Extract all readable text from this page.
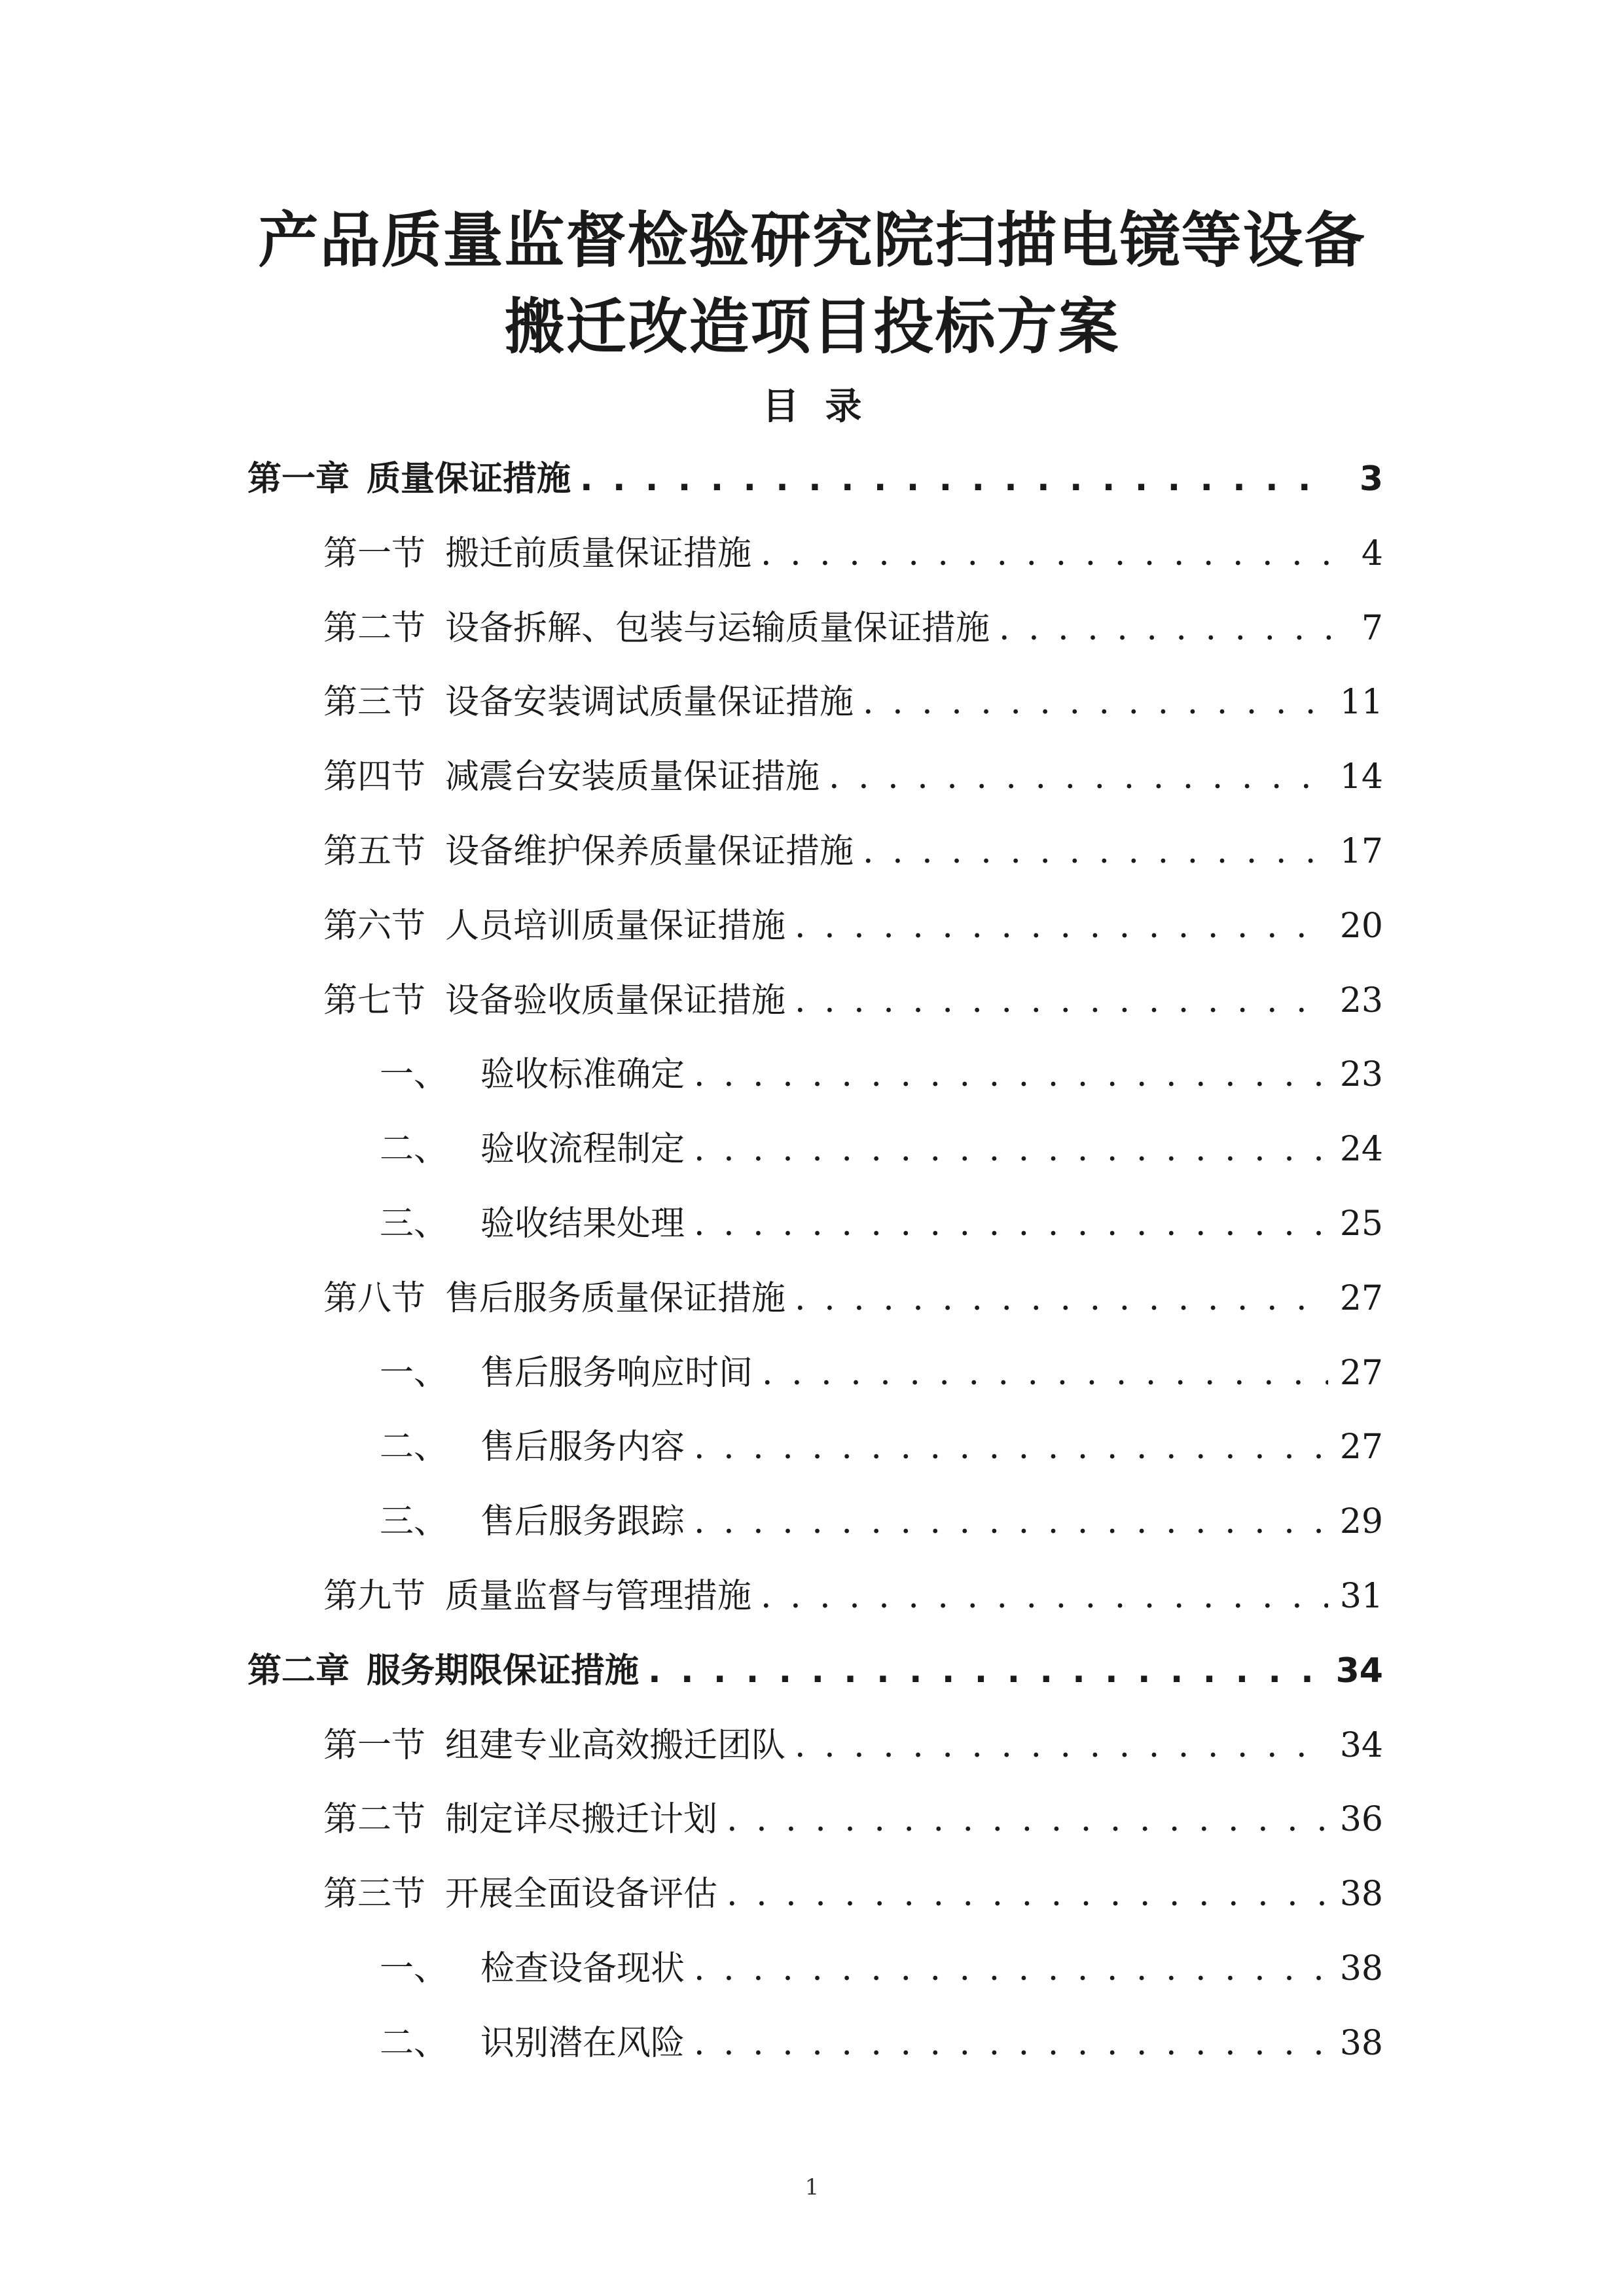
产品质量监督检验研究院扫描电镜等设备
搬迁改造项目投标方案
目录
第一章 质量保证措施 . . .	3
第一节 搬迁前质量保证措施 . . .	4
第二节 设备拆解、包装与运输质量保证措施 . . .	7
第三节 设备安装调试质量保证措施 . . .	11
第四节 减震台安装质量保证措施 . . .	14
第五节 设备维护保养质量保证措施 . . .	17
第六节 人员培训质量保证措施 . . .	20
第七节 设备验收质量保证措施 . . .	23
一、 验收标准确定 . . .	23
二、 验收流程制定 . . .	24
三、 验收结果处理 . . .	25
第八节 售后服务质量保证措施 . . .	27
一、 售后服务响应时间 . . .	27
二、 售后服务内容 . . .	27
三、 售后服务跟踪 . . .	29
第九节 质量监督与管理措施 . . .	31
第二章 服务期限保证措施 . . .	34
第一节 组建专业高效搬迁团队 . . .	34
第二节 制定详尽搬迁计划 . . .	36
第三节 开展全面设备评估 . . .	38
一、 检查设备现状 . . .	38
二、 识别潜在风险 . . .	38
1
